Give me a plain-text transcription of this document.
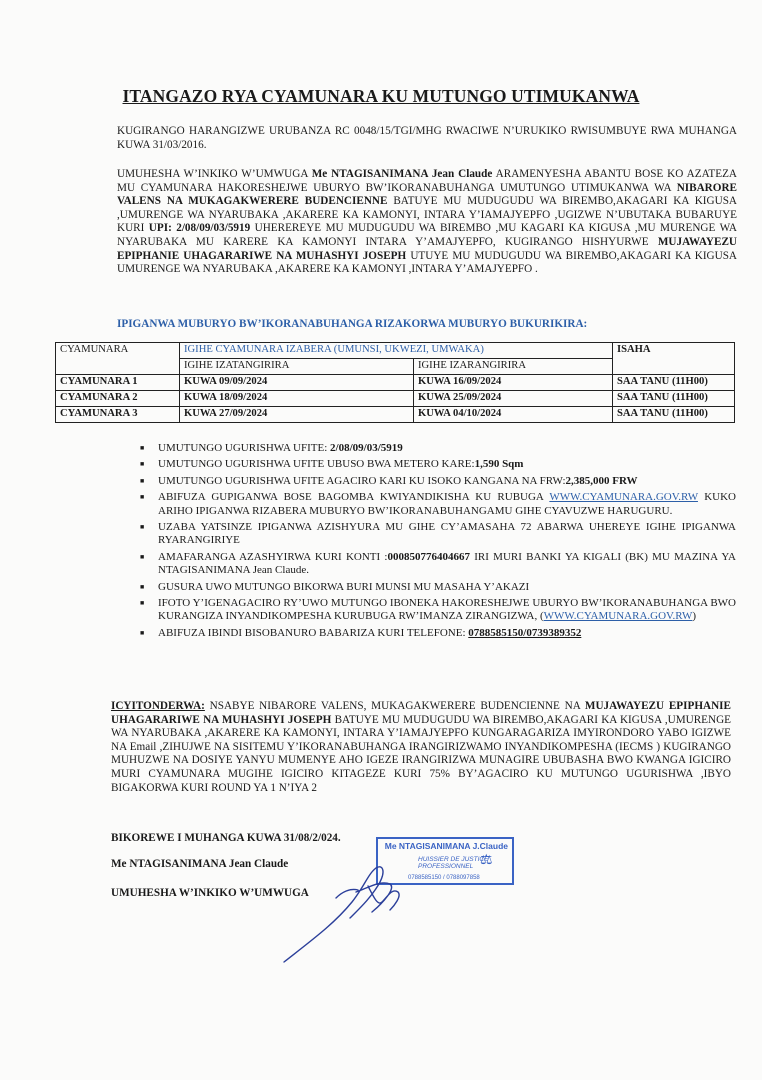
ITANGAZO RYA CYAMUNARA KU MUTUNGO UTIMUKANWA
KUGIRANGO HARANGIZWE URUBANZA RC 0048/15/TGI/MHG RWACIWE N’URUKIKO RWISUMBUYE RWA MUHANGA KUWA 31/03/2016.
UMUHESHA W’INKIKO W’UMWUGA Me NTAGISANIMANA Jean Claude ARAMENYESHA ABANTU BOSE KO AZATEZA MU CYAMUNARA HAKORESHEJWE UBURYO BW’IKORANABUHANGA UMUTUNGO UTIMUKANWA WA NIBARORE VALENS NA MUKAGAKWERERE BUDENCIENNE BATUYE MU MUDUGUDU WA BIREMBO,AKAGARI KA KIGUSA ,UMURENGE WA NYARUBAKA ,AKARERE KA KAMONYI, INTARA Y’IAMAJYEPFO ,UGIZWE N’UBUTAKA BUBARUYE KURI UPI: 2/08/09/03/5919 UHEREREYE MU MUDUGUDU WA BIREMBO ,MU KAGARI KA KIGUSA ,MU MURENGE WA NYARUBAKA MU KARERE KA KAMONYI INTARA Y’AMAJYEPFO, KUGIRANGO HISHYURWE MUJAWAYEZU EPIPHANIE UHAGARARIWE NA MUHASHYI JOSEPH UTUYE MU MUDUGUDU WA BIREMBO,AKAGARI KA KIGUSA UMURENGE WA NYARUBAKA ,AKARERE KA KAMONYI ,INTARA Y’AMAJYEPFO .
IPIGANWA MUBURYO BW’IKORANABUHANGA RIZAKORWA MUBURYO BUKURIKIRA:
CYAMUNARA	IGIHE CYAMUNARA IZABERA (UMUNSI, UKWEZI, UMWAKA)		ISAHA
	IGIHE IZATANGIRIRA	IGIHE IZARANGIRIRA	
CYAMUNARA 1	KUWA 09/09/2024	KUWA 16/09/2024	SAA TANU (11H00)
CYAMUNARA 2	KUWA 18/09/2024	KUWA 25/09/2024	SAA TANU (11H00)
CYAMUNARA 3	KUWA 27/09/2024	KUWA 04/10/2024	SAA TANU (11H00)
■ UMUTUNGO UGURISHWA UFITE: 2/08/09/03/5919
■ UMUTUNGO UGURISHWA UFITE UBUSO BWA METERO KARE:1,590 Sqm
■ UMUTUNGO UGURISHWA UFITE AGACIRO KARI KU ISOKO KANGANA NA FRW:2,385,000 FRW
■ ABIFUZA GUPIGANWA BOSE BAGOMBA KWIYANDIKISHA KU RUBUGA WWW.CYAMUNARA.GOV.RW KUKO ARIHO IPIGANWA RIZABERA MUBURYO BW’IKORANABUHANGAMU GIHE CYAVUZWE HARUGURU.
■ UZABA YATSINZE IPIGANWA AZISHYURA MU GIHE CY’AMASAHA 72 ABARWA UHEREYE IGIHE IPIGANWA RYARANGIRIYE
■ AMAFARANGA AZASHYIRWA KURI KONTI :000850776404667 IRI MURI BANKI YA KIGALI (BK) MU MAZINA YA NTAGISANIMANA Jean Claude.
■ GUSURA UWO MUTUNGO BIKORWA BURI MUNSI MU MASAHA Y’AKAZI
■ IFOTO Y’IGENAGACIRO RY’UWO MUTUNGO IBONEKA HAKORESHEJWE UBURYO BW’IKORANABUHANGA BWO KURANGIZA INYANDIKOMPESHA KURUBUGA RW’IMANZA ZIRANGIZWA, (WWW.CYAMUNARA.GOV.RW)
■ ABIFUZA IBINDI BISOBANURO BABARIZA KURI TELEFONE: 0788585150/0739389352
ICYITONDERWA: NSABYE NIBARORE VALENS, MUKAGAKWERERE BUDENCIENNE NA MUJAWAYEZU EPIPHANIE UHAGARARIWE NA MUHASHYI JOSEPH BATUYE MU MUDUGUDU WA BIREMBO,AKAGARI KA KIGUSA ,UMURENGE WA NYARUBAKA ,AKARERE KA KAMONYI, INTARA Y’IAMAJYEPFO KUNGARAGARIZA IMYIRONDORO YABO IGIZWE NA Email ,ZIHUJWE NA SISITEMU Y’IKORANABUHANGA IRANGIRIZWAMO INYANDIKOMPESHA (IECMS ) KUGIRANGO MUHUZWE NA DOSIYE YANYU MUMENYE AHO IGEZE IRANGIRIZWA MUNAGIRE UBUBASHA BWO KWANGA IGICIRO MURI CYAMUNARA MUGIHE IGICIRO KITAGEZE KURI 75% BY’AGACIRO KU MUTUNGO UGURISHWA ,IBYO BIGAKORWA KURI ROUND YA 1 N’IYA 2
BIKOREWE I MUHANGA KUWA 31/08/2/024.
Me NTAGISANIMANA Jean Claude
UMUHESHA W’INKIKO W’UMWUGA
Me NTAGISANIMANA J.Claude
HUISSIER DE JUSTICE PROFESSIONNEL ⚖
0788585150 / 0788097858
